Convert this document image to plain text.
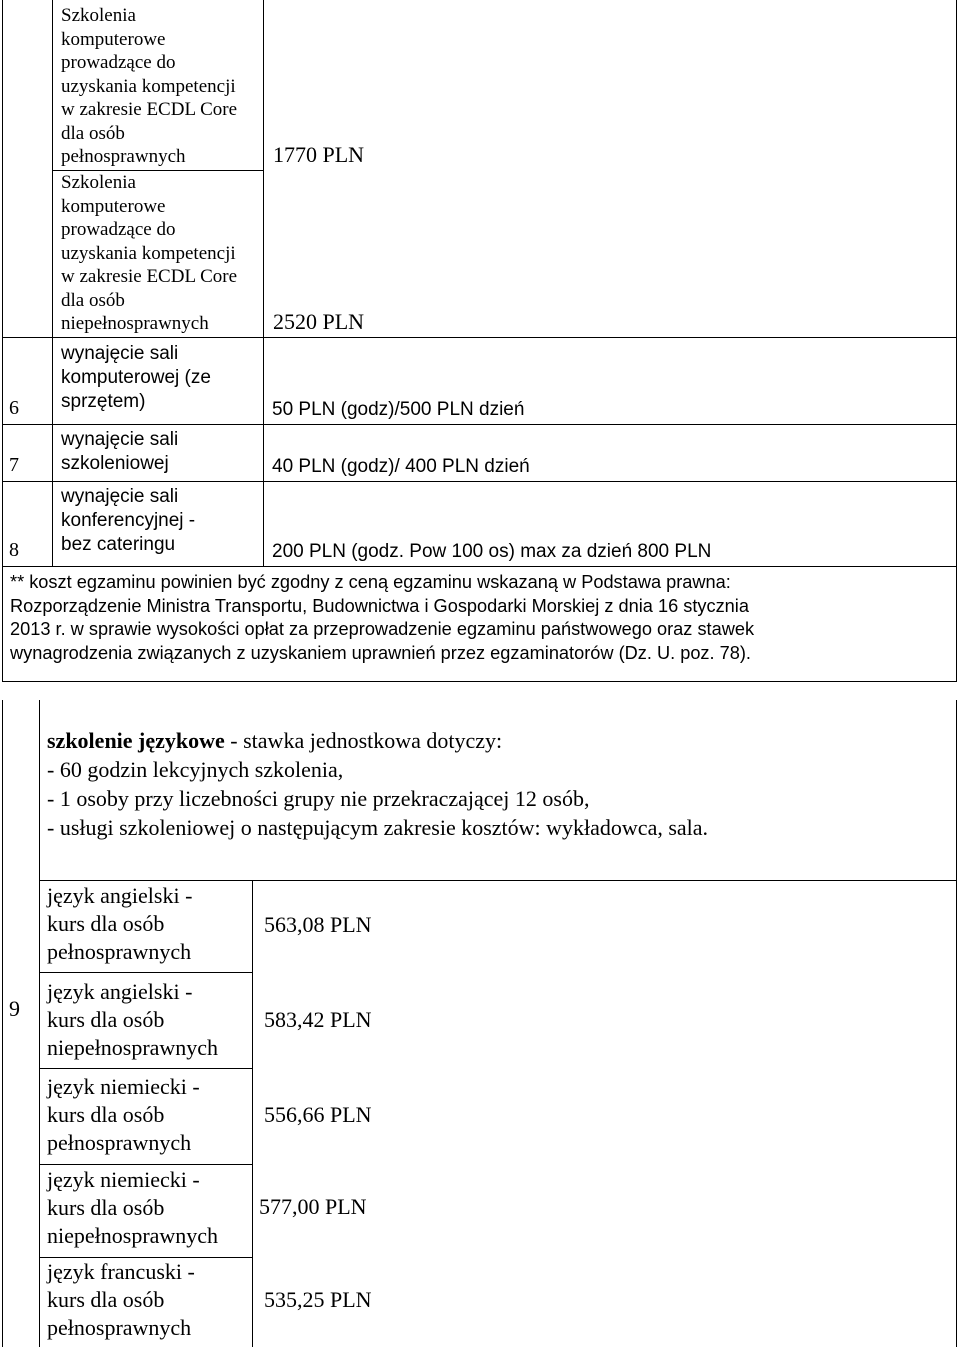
Szkolenia
komputerowe
prowadzące do
uzyskania kompetencji
w zakresie ECDL Core
dla osób
pełnosprawnych	1770 PLN
Szkolenia
komputerowe
prowadzące do
uzyskania kompetencji
w zakresie ECDL Core
dla osób
niepełnosprawnych	2520 PLN
6
wynajęcie sali
komputerowej (ze
sprzętem)	50 PLN (godz)/500 PLN dzień
7
wynajęcie sali
szkoleniowej	40 PLN (godz)/ 400 PLN dzień
8
wynajęcie sali
konferencyjnej -
bez cateringu	200 PLN (godz. Pow 100 os) max za dzień 800 PLN
** koszt egzaminu powinien być zgodny z ceną egzaminu wskazaną w Podstawa prawna:
Rozporządzenie Ministra Transportu, Budownictwa i Gospodarki Morskiej z dnia 16 stycznia
2013 r. w sprawie wysokości opłat za przeprowadzenie egzaminu państwowego oraz stawek
wynagrodzenia związanych z uzyskaniem uprawnień przez egzaminatorów (Dz. U. poz. 78).
szkolenie językowe - stawka jednostkowa dotyczy:
- 60 godzin lekcyjnych szkolenia,
- 1 osoby przy liczebności grupy nie przekraczającej 12 osób,
- usługi szkoleniowej o następującym zakresie kosztów: wykładowca, sala.
9
język angielski -
kurs dla osób
pełnosprawnych
563,08 PLN
język angielski -
kurs dla osób
niepełnosprawnych
583,42 PLN
język niemiecki -
kurs dla osób
pełnosprawnych
556,66 PLN
język niemiecki -
kurs dla osób
niepełnosprawnych
577,00 PLN
język francuski -
kurs dla osób
pełnosprawnych
535,25 PLN
